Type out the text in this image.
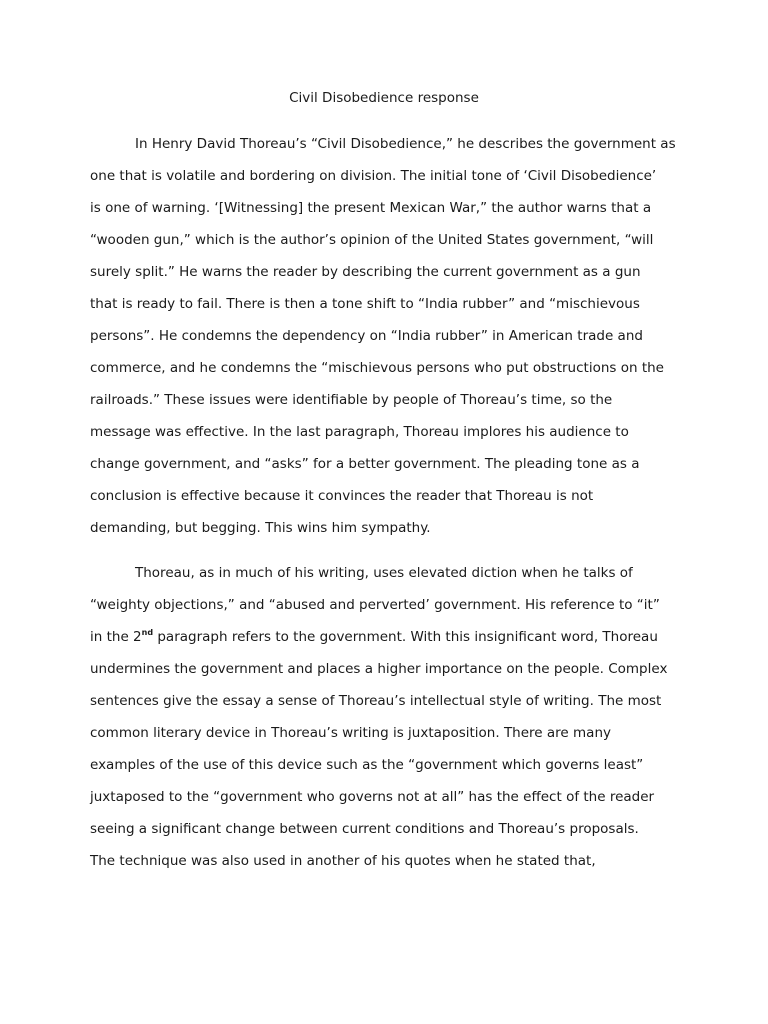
Civil Disobedience response
In Henry David Thoreau’s “Civil Disobedience,” he describes the government as
one that is volatile and bordering on division. The initial tone of ‘Civil Disobedience’
is one of warning. ‘[Witnessing] the present Mexican War,” the author warns that a
“wooden gun,” which is the author’s opinion of the United States government, “will
surely split.” He warns the reader by describing the current government as a gun
that is ready to fail. There is then a tone shift to “India rubber” and “mischievous
persons”. He condemns the dependency on “India rubber” in American trade and
commerce, and he condemns the “mischievous persons who put obstructions on the
railroads.” These issues were identifiable by people of Thoreau’s time, so the
message was effective. In the last paragraph, Thoreau implores his audience to
change government, and “asks” for a better government. The pleading tone as a
conclusion is effective because it convinces the reader that Thoreau is not
demanding, but begging. This wins him sympathy.
Thoreau, as in much of his writing, uses elevated diction when he talks of
“weighty objections,” and “abused and perverted’ government. His reference to “it”
in the 2nd paragraph refers to the government. With this insignificant word, Thoreau
undermines the government and places a higher importance on the people. Complex
sentences give the essay a sense of Thoreau’s intellectual style of writing. The most
common literary device in Thoreau’s writing is juxtaposition. There are many
examples of the use of this device such as the “government which governs least”
juxtaposed to the “government who governs not at all” has the effect of the reader
seeing a significant change between current conditions and Thoreau’s proposals.
The technique was also used in another of his quotes when he stated that,
